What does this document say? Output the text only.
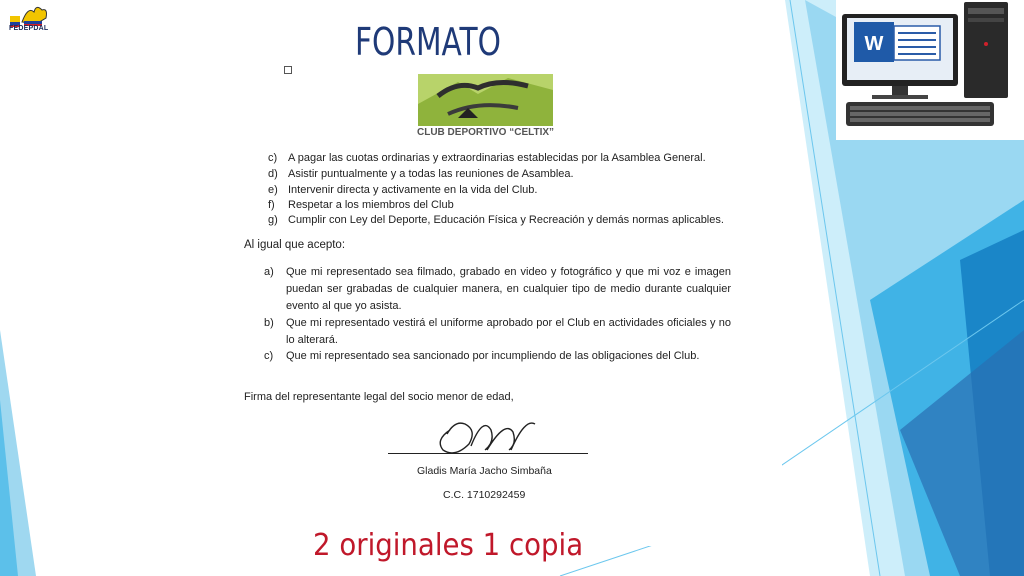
FEDEPDAL	FORMATO	W
CLUB DEPORTIVO “CELTIX”
c) A pagar las cuotas ordinarias y extraordinarias establecidas por la Asamblea General.
d) Asistir puntualmente y a todas las reuniones de Asamblea.
e) Intervenir directa y activamente en la vida del Club.
f) Respetar a los miembros del Club
g) Cumplir con Ley del Deporte, Educación Física y Recreación y demás normas aplicables.
Al igual que acepto:
a) Que mi representado sea filmado, grabado en video y fotográfico y que mi voz e imagen puedan ser grabadas de cualquier manera, en cualquier tipo de medio durante cualquier evento al que yo asista.
b) Que mi representado vestirá el uniforme aprobado por el Club en actividades oficiales y no lo alterará.
c) Que mi representado sea sancionado por incumpliendo de las obligaciones del Club.
Firma del representante legal del socio menor de edad,
Gladis María Jacho Simbaña
C.C. 1710292459
2 originales 1 copia
